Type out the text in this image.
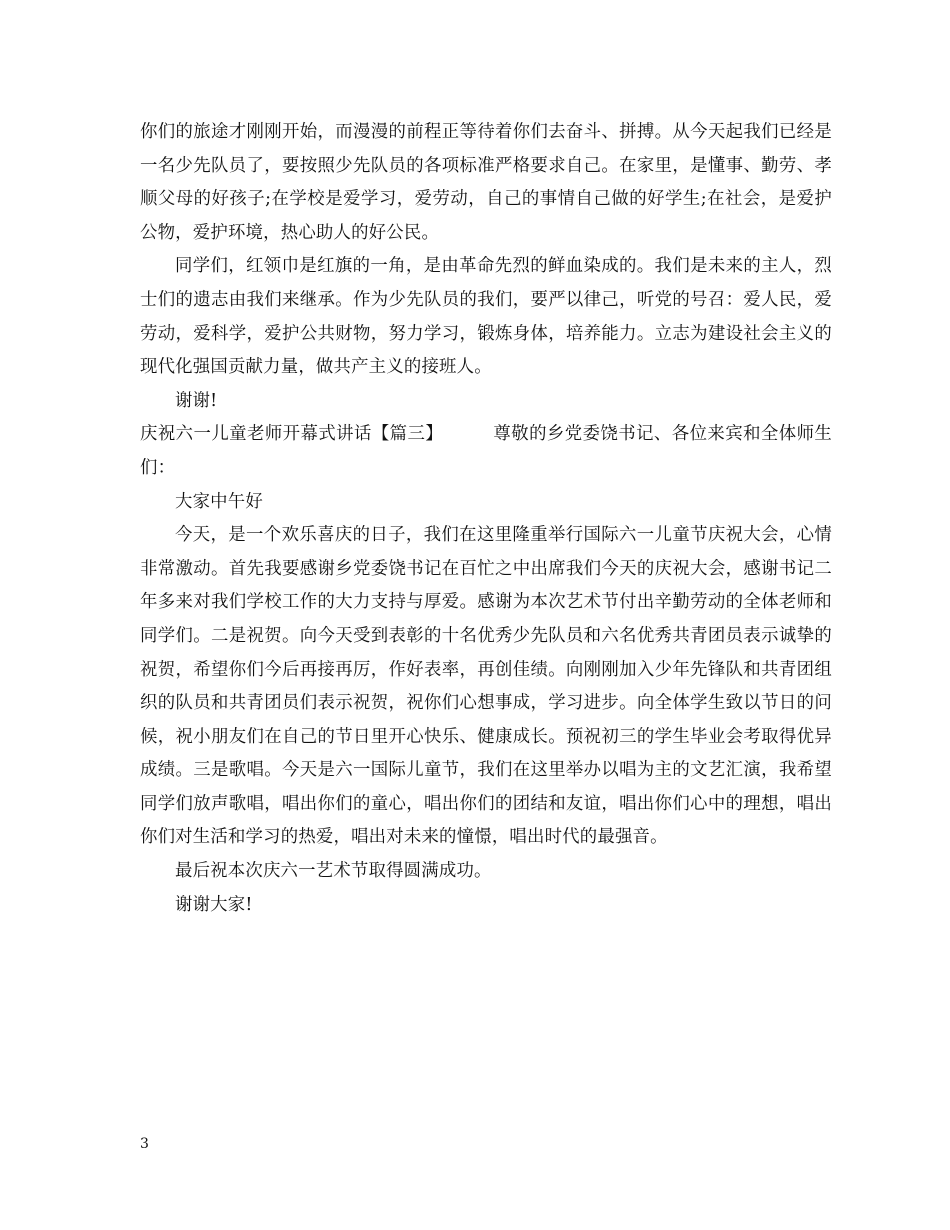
你们的旅途才刚刚开始，而漫漫的前程正等待着你们去奋斗、拼搏。从今天起我们已经是一名少先队员了，要按照少先队员的各项标准严格要求自己。在家里，是懂事、勤劳、孝顺父母的好孩子;在学校是爱学习，爱劳动，自己的事情自己做的好学生;在社会，是爱护公物，爱护环境，热心助人的好公民。

同学们，红领巾是红旗的一角，是由革命先烈的鲜血染成的。我们是未来的主人，烈士们的遗志由我们来继承。作为少先队员的我们，要严以律己，听党的号召：爱人民，爱劳动，爱科学，爱护公共财物，努力学习，锻炼身体，培养能力。立志为建设社会主义的现代化强国贡献力量，做共产主义的接班人。

谢谢!

庆祝六一儿童老师开幕式讲话【篇三】	尊敬的乡党委饶书记、各位来宾和全体师生们：

大家中午好

今天，是一个欢乐喜庆的日子，我们在这里隆重举行国际六一儿童节庆祝大会，心情非常激动。首先我要感谢乡党委饶书记在百忙之中出席我们今天的庆祝大会，感谢书记二年多来对我们学校工作的大力支持与厚爱。感谢为本次艺术节付出辛勤劳动的全体老师和同学们。二是祝贺。向今天受到表彰的十名优秀少先队员和六名优秀共青团员表示诚挚的祝贺，希望你们今后再接再厉，作好表率，再创佳绩。向刚刚加入少年先锋队和共青团组织的队员和共青团员们表示祝贺，祝你们心想事成，学习进步。向全体学生致以节日的问候，祝小朋友们在自己的节日里开心快乐、健康成长。预祝初三的学生毕业会考取得优异成绩。三是歌唱。今天是六一国际儿童节，我们在这里举办以唱为主的文艺汇演，我希望同学们放声歌唱，唱出你们的童心，唱出你们的团结和友谊，唱出你们心中的理想，唱出你们对生活和学习的热爱，唱出对未来的憧憬，唱出时代的最强音。

最后祝本次庆六一艺术节取得圆满成功。

谢谢大家!

3
